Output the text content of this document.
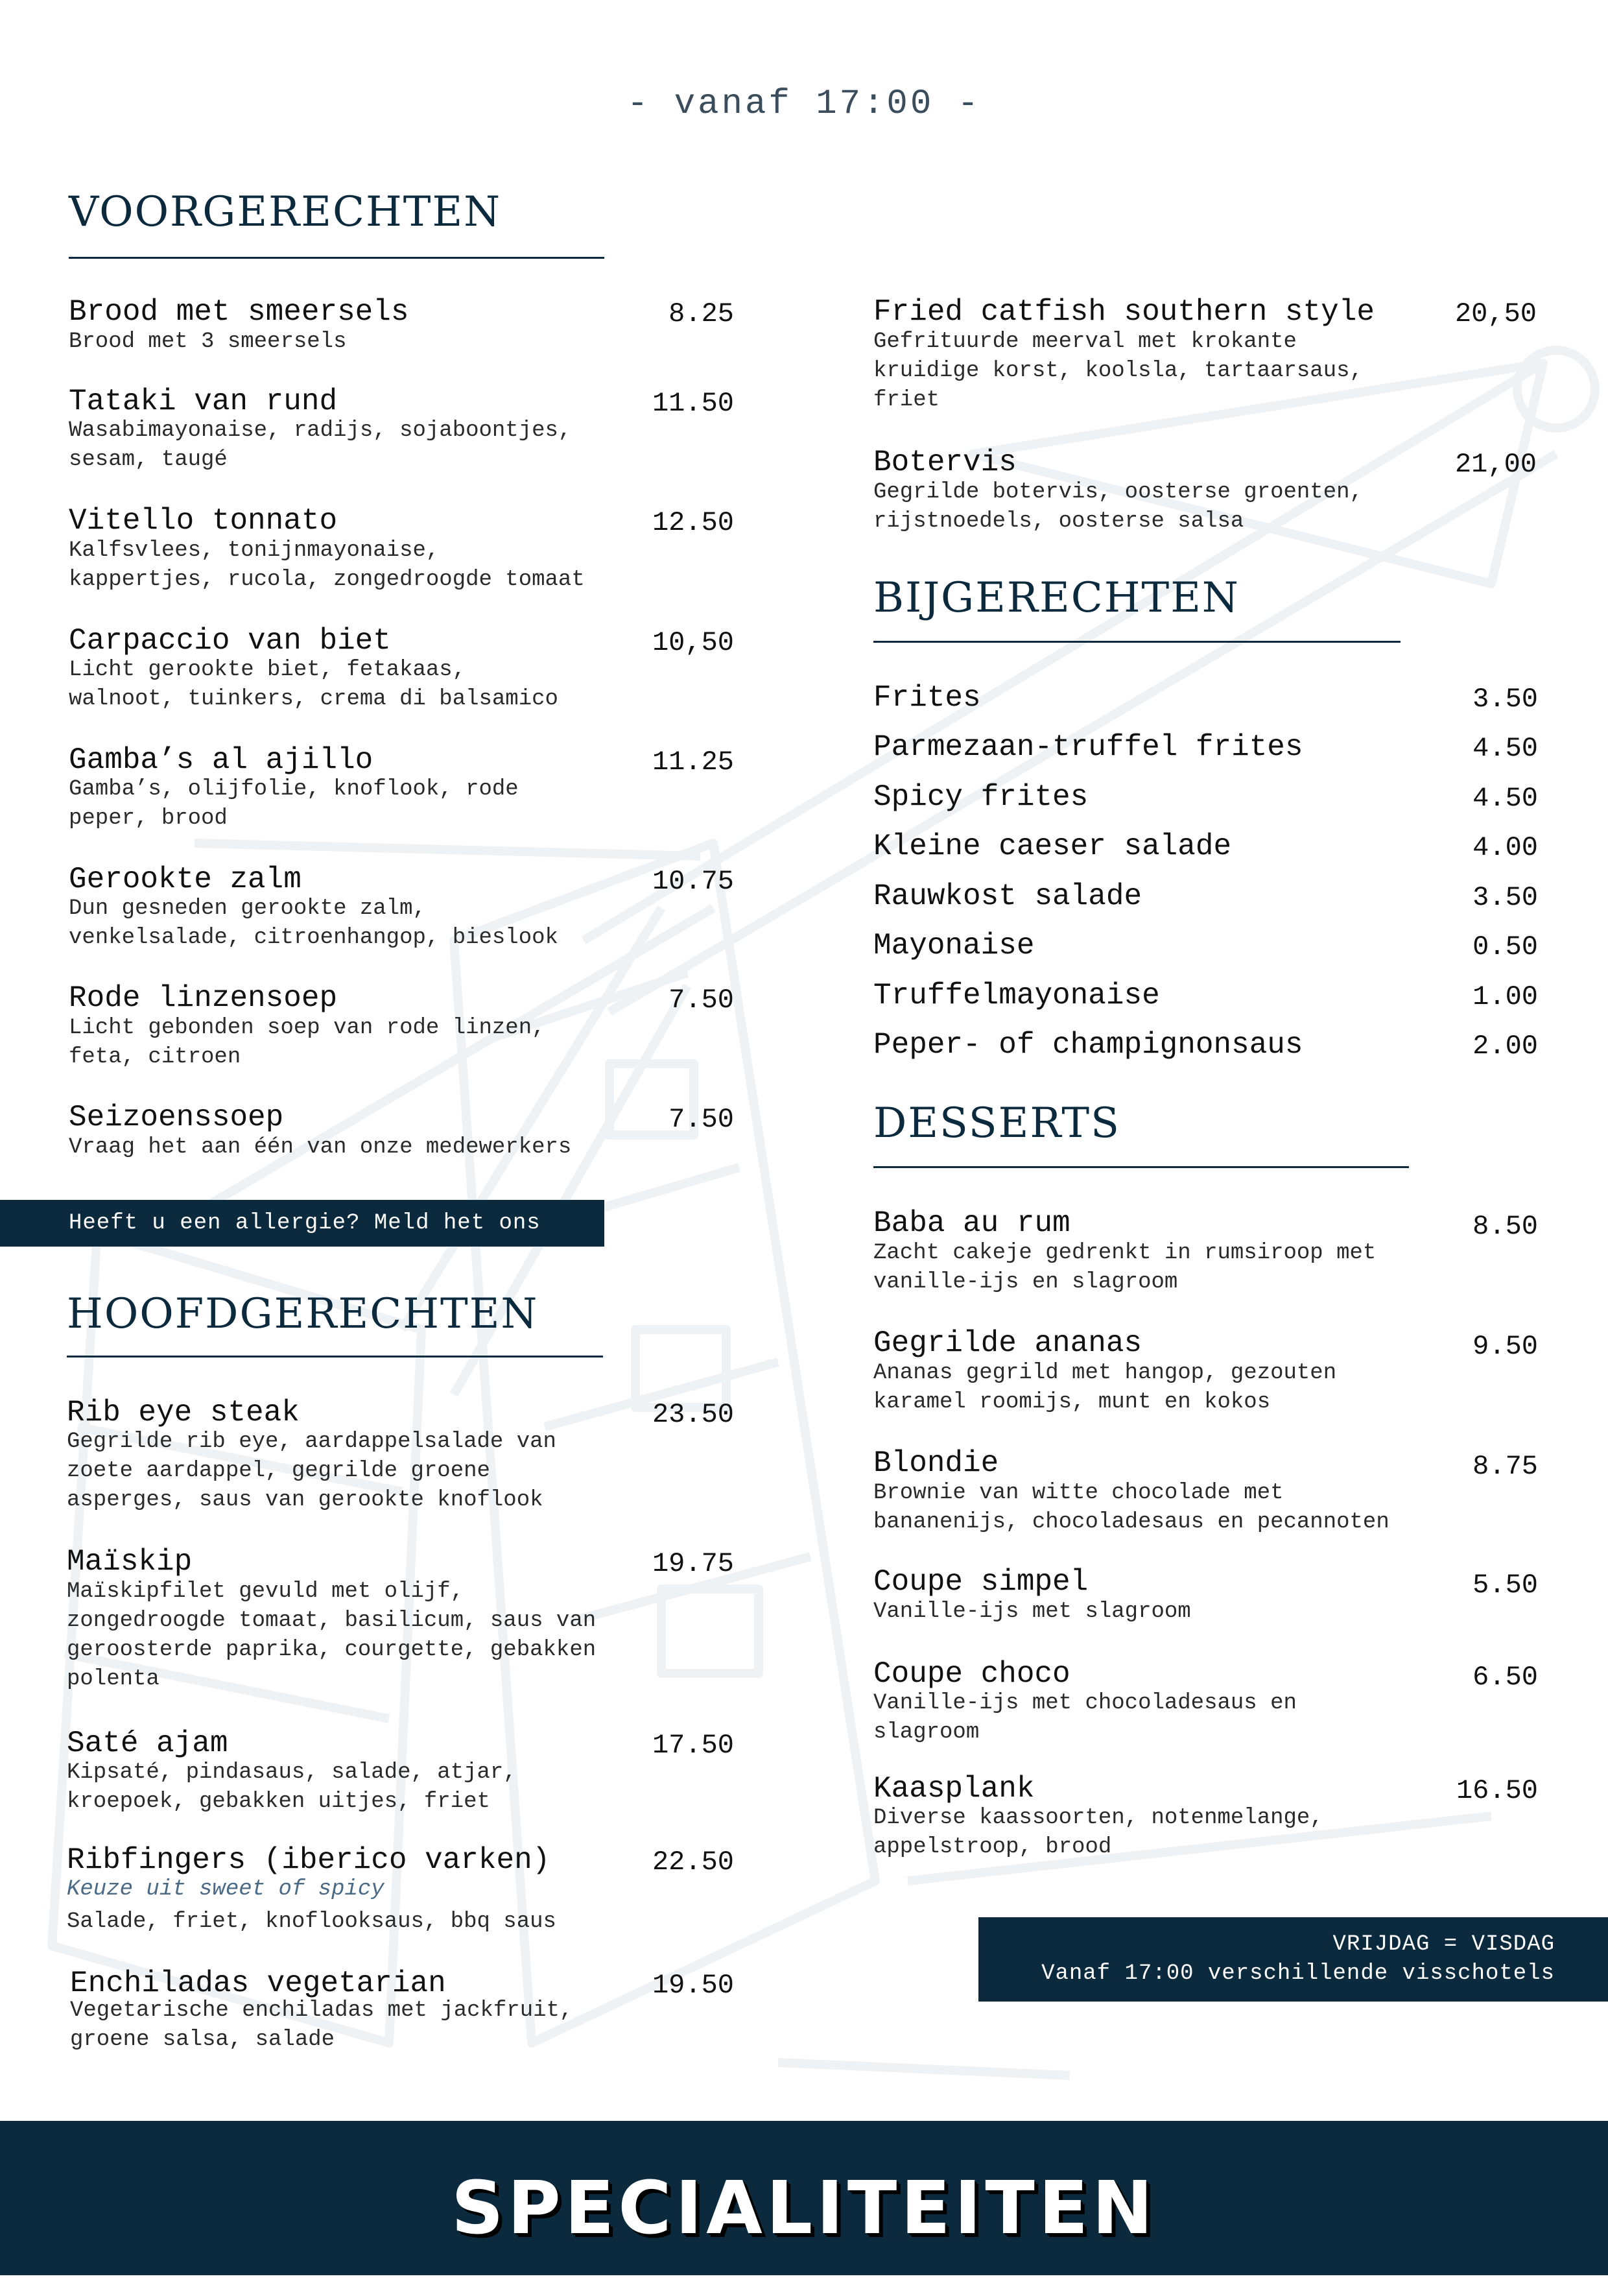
- vanaf 17:00 -
VOORGERECHTEN
Brood met smeersels	8.25
Brood met 3 smeersels
Tataki van rund	11.50
Wasabimayonaise, radijs, sojaboontjes,
sesam, taugé
Vitello tonnato	12.50
Kalfsvlees, tonijnmayonaise,
kappertjes, rucola, zongedroogde tomaat
Carpaccio van biet	10,50
Licht gerookte biet, fetakaas,
walnoot, tuinkers, crema di balsamico
Gamba’s al ajillo	11.25
Gamba’s, olijfolie, knoflook, rode
peper, brood
Gerookte zalm	10.75
Dun gesneden gerookte zalm,
venkelsalade, citroenhangop, bieslook
Rode linzensoep	7.50
Licht gebonden soep van rode linzen,
feta, citroen
Seizoenssoep	7.50
Vraag het aan één van onze medewerkers
Heeft u een allergie? Meld het ons
HOOFDGERECHTEN
Rib eye steak	23.50
Gegrilde rib eye, aardappelsalade van
zoete aardappel, gegrilde groene
asperges, saus van gerookte knoflook
Maïskip	19.75
Maïskipfilet gevuld met olijf,
zongedroogde tomaat, basilicum, saus van
geroosterde paprika, courgette, gebakken
polenta
Saté ajam	17.50
Kipsaté, pindasaus, salade, atjar,
kroepoek, gebakken uitjes, friet
Ribfingers (iberico varken)	22.50
Keuze uit sweet of spicy
Salade, friet, knoflooksaus, bbq saus
Enchiladas vegetarian	19.50
Vegetarische enchiladas met jackfruit,
groene salsa, salade
Fried catfish southern style	20,50
Gefrituurde meerval met krokante
kruidige korst, koolsla, tartaarsaus,
friet
Botervis	21,00
Gegrilde botervis, oosterse groenten,
rijstnoedels, oosterse salsa
BIJGERECHTEN
Frites	3.50
Parmezaan-truffel frites	4.50
Spicy frites	4.50
Kleine caeser salade	4.00
Rauwkost salade	3.50
Mayonaise	0.50
Truffelmayonaise	1.00
Peper- of champignonsaus	2.00
DESSERTS
Baba au rum	8.50
Zacht cakeje gedrenkt in rumsiroop met
vanille-ijs en slagroom
Gegrilde ananas	9.50
Ananas gegrild met hangop, gezouten
karamel roomijs, munt en kokos
Blondie	8.75
Brownie van witte chocolade met
bananenijs, chocoladesaus en pecannoten
Coupe simpel	5.50
Vanille-ijs met slagroom
Coupe choco	6.50
Vanille-ijs met chocoladesaus en
slagroom
Kaasplank	16.50
Diverse kaassoorten, notenmelange,
appelstroop, brood
VRIJDAG = VISDAG
Vanaf 17:00 verschillende visschotels
SPECIALITEITEN
